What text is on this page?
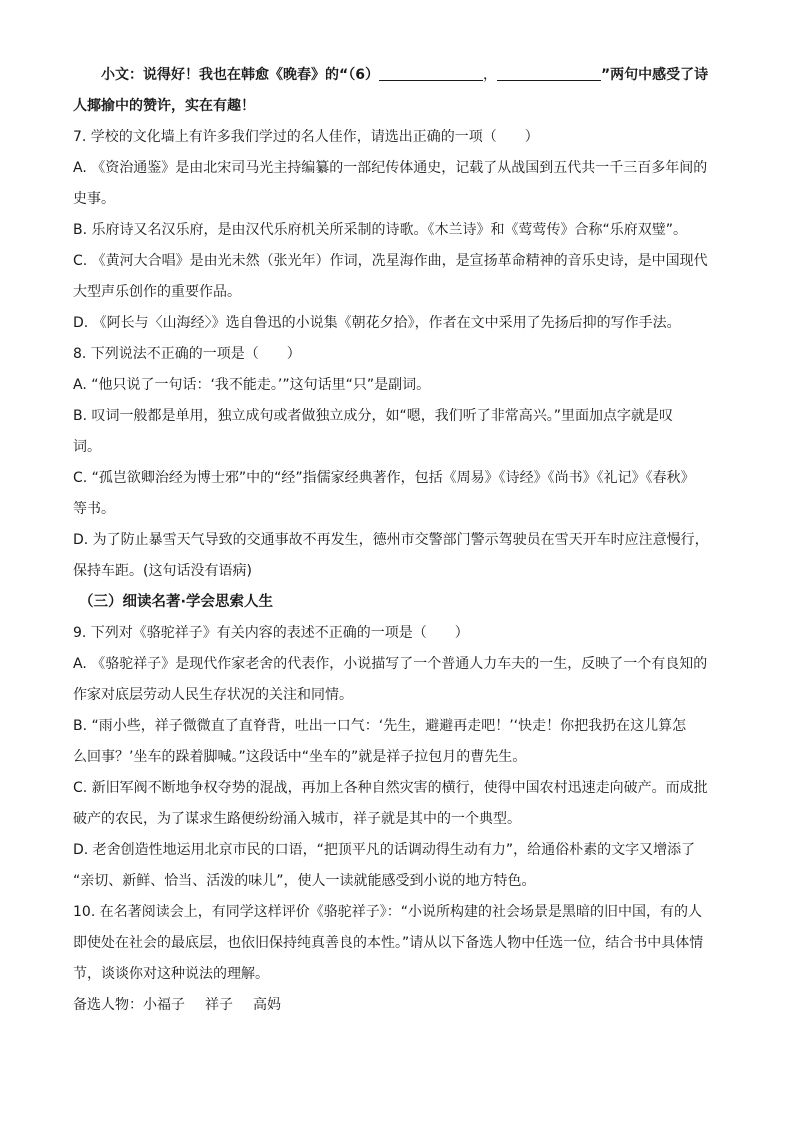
小文：说得好！我也在韩愈《晚春》的“（6）	，	”两句中感受了诗
人揶揄中的赞许，实在有趣！
7. 学校的文化墙上有许多我们学过的名人佳作，请选出正确的一项（　　）
A. 《资治通鉴》是由北宋司马光主持编纂的一部纪传体通史，记载了从战国到五代共一千三百多年间的
史事。
B. 乐府诗又名汉乐府，是由汉代乐府机关所采制的诗歌。《木兰诗》和《莺莺传》合称“乐府双璧”。
C. 《黄河大合唱》是由光未然（张光年）作词，冼星海作曲，是宣扬革命精神的音乐史诗，是中国现代
大型声乐创作的重要作品。
D. 《阿长与〈山海经〉》选自鲁迅的小说集《朝花夕拾》，作者在文中采用了先扬后抑的写作手法。
8. 下列说法不正确的一项是（　　）
A. “他只说了一句话：‘我不能走。’”这句话里“只”是副词。
B. 叹词一般都是单用，独立成句或者做独立成分，如“嗯，我们听了非常高兴。”里面加点字就是叹
词。
C. “孤岂欲卿治经为博士邪”中的“经”指儒家经典著作，包括《周易》《诗经》《尚书》《礼记》《春秋》
等书。
D. 为了防止暴雪天气导致的交通事故不再发生，德州市交警部门警示驾驶员在雪天开车时应注意慢行，
保持车距。(这句话没有语病)
（三）细读名著·学会思索人生
9. 下列对《骆驼祥子》有关内容的表述不正确的一项是（　　）
A. 《骆驼祥子》是现代作家老舍的代表作，小说描写了一个普通人力车夫的一生，反映了一个有良知的
作家对底层劳动人民生存状况的关注和同情。
B. “雨小些，祥子微微直了直脊背，吐出一口气：‘先生，避避再走吧！’‘快走！你把我扔在这儿算怎
么回事？’坐车的跺着脚喊。”这段话中“坐车的”就是祥子拉包月的曹先生。
C. 新旧军阀不断地争权夺势的混战，再加上各种自然灾害的横行，使得中国农村迅速走向破产。而成批
破产的农民，为了谋求生路便纷纷涌入城市，祥子就是其中的一个典型。
D. 老舍创造性地运用北京市民的口语，“把顶平凡的话调动得生动有力”，给通俗朴素的文字又增添了
“亲切、新鲜、恰当、活泼的味儿”，使人一读就能感受到小说的地方特色。
10. 在名著阅读会上，有同学这样评价《骆驼祥子》：“小说所构建的社会场景是黑暗的旧中国，有的人
即使处在社会的最底层，也依旧保持纯真善良的本性。”请从以下备选人物中任选一位，结合书中具体情
节，谈谈你对这种说法的理解。
备选人物：小福子 祥子 高妈
